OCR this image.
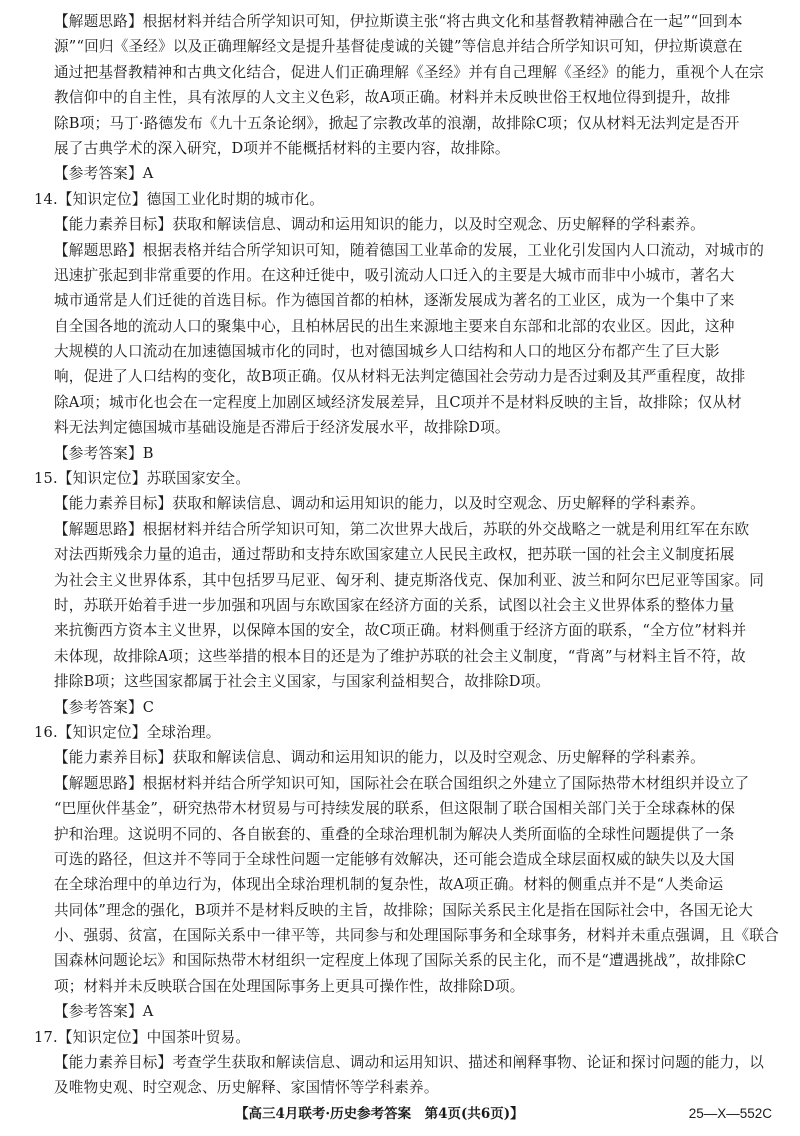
【解题思路】根据材料并结合所学知识可知，伊拉斯谟主张“将古典文化和基督教精神融合在一起”“回到本
源”“回归《圣经》以及正确理解经文是提升基督徒虔诚的关键”等信息并结合所学知识可知，伊拉斯谟意在
通过把基督教精神和古典文化结合，促进人们正确理解《圣经》并有自己理解《圣经》的能力，重视个人在宗
教信仰中的自主性，具有浓厚的人文主义色彩，故A项正确。材料并未反映世俗王权地位得到提升，故排
除B项；马丁·路德发布《九十五条论纲》，掀起了宗教改革的浪潮，故排除C项；仅从材料无法判定是否开
展了古典学术的深入研究，D项并不能概括材料的主要内容，故排除。
【参考答案】A
14.【知识定位】德国工业化时期的城市化。
【能力素养目标】获取和解读信息、调动和运用知识的能力，以及时空观念、历史解释的学科素养。
【解题思路】根据表格并结合所学知识可知，随着德国工业革命的发展，工业化引发国内人口流动，对城市的
迅速扩张起到非常重要的作用。在这种迁徙中，吸引流动人口迁入的主要是大城市而非中小城市，著名大
城市通常是人们迁徙的首选目标。作为德国首都的柏林，逐渐发展成为著名的工业区，成为一个集中了来
自全国各地的流动人口的聚集中心，且柏林居民的出生来源地主要来自东部和北部的农业区。因此，这种
大规模的人口流动在加速德国城市化的同时，也对德国城乡人口结构和人口的地区分布都产生了巨大影
响，促进了人口结构的变化，故B项正确。仅从材料无法判定德国社会劳动力是否过剩及其严重程度，故排
除A项；城市化也会在一定程度上加剧区域经济发展差异，且C项并不是材料反映的主旨，故排除；仅从材
料无法判定德国城市基础设施是否滞后于经济发展水平，故排除D项。
【参考答案】B
15.【知识定位】苏联国家安全。
【能力素养目标】获取和解读信息、调动和运用知识的能力，以及时空观念、历史解释的学科素养。
【解题思路】根据材料并结合所学知识可知，第二次世界大战后，苏联的外交战略之一就是利用红军在东欧
对法西斯残余力量的追击，通过帮助和支持东欧国家建立人民民主政权，把苏联一国的社会主义制度拓展
为社会主义世界体系，其中包括罗马尼亚、匈牙利、捷克斯洛伐克、保加利亚、波兰和阿尔巴尼亚等国家。同
时，苏联开始着手进一步加强和巩固与东欧国家在经济方面的关系，试图以社会主义世界体系的整体力量
来抗衡西方资本主义世界，以保障本国的安全，故C项正确。材料侧重于经济方面的联系，“全方位”材料并
未体现，故排除A项；这些举措的根本目的还是为了维护苏联的社会主义制度，“背离”与材料主旨不符，故
排除B项；这些国家都属于社会主义国家，与国家利益相契合，故排除D项。
【参考答案】C
16.【知识定位】全球治理。
【能力素养目标】获取和解读信息、调动和运用知识的能力，以及时空观念、历史解释的学科素养。
【解题思路】根据材料并结合所学知识可知，国际社会在联合国组织之外建立了国际热带木材组织并设立了
“巴厘伙伴基金”，研究热带木材贸易与可持续发展的联系，但这限制了联合国相关部门关于全球森林的保
护和治理。这说明不同的、各自嵌套的、重叠的全球治理机制为解决人类所面临的全球性问题提供了一条
可选的路径，但这并不等同于全球性问题一定能够有效解决，还可能会造成全球层面权威的缺失以及大国
在全球治理中的单边行为，体现出全球治理机制的复杂性，故A项正确。材料的侧重点并不是“人类命运
共同体”理念的强化，B项并不是材料反映的主旨，故排除；国际关系民主化是指在国际社会中，各国无论大
小、强弱、贫富，在国际关系中一律平等，共同参与和处理国际事务和全球事务，材料并未重点强调，且《联合
国森林问题论坛》和国际热带木材组织一定程度上体现了国际关系的民主化，而不是“遭遇挑战”，故排除C
项；材料并未反映联合国在处理国际事务上更具可操作性，故排除D项。
【参考答案】A
17.【知识定位】中国茶叶贸易。
【能力素养目标】考查学生获取和解读信息、调动和运用知识、描述和阐释事物、论证和探讨问题的能力，以
及唯物史观、时空观念、历史解释、家国情怀等学科素养。
【高三4月联考·历史参考答案　第4页(共6页)】	25—X—552C
